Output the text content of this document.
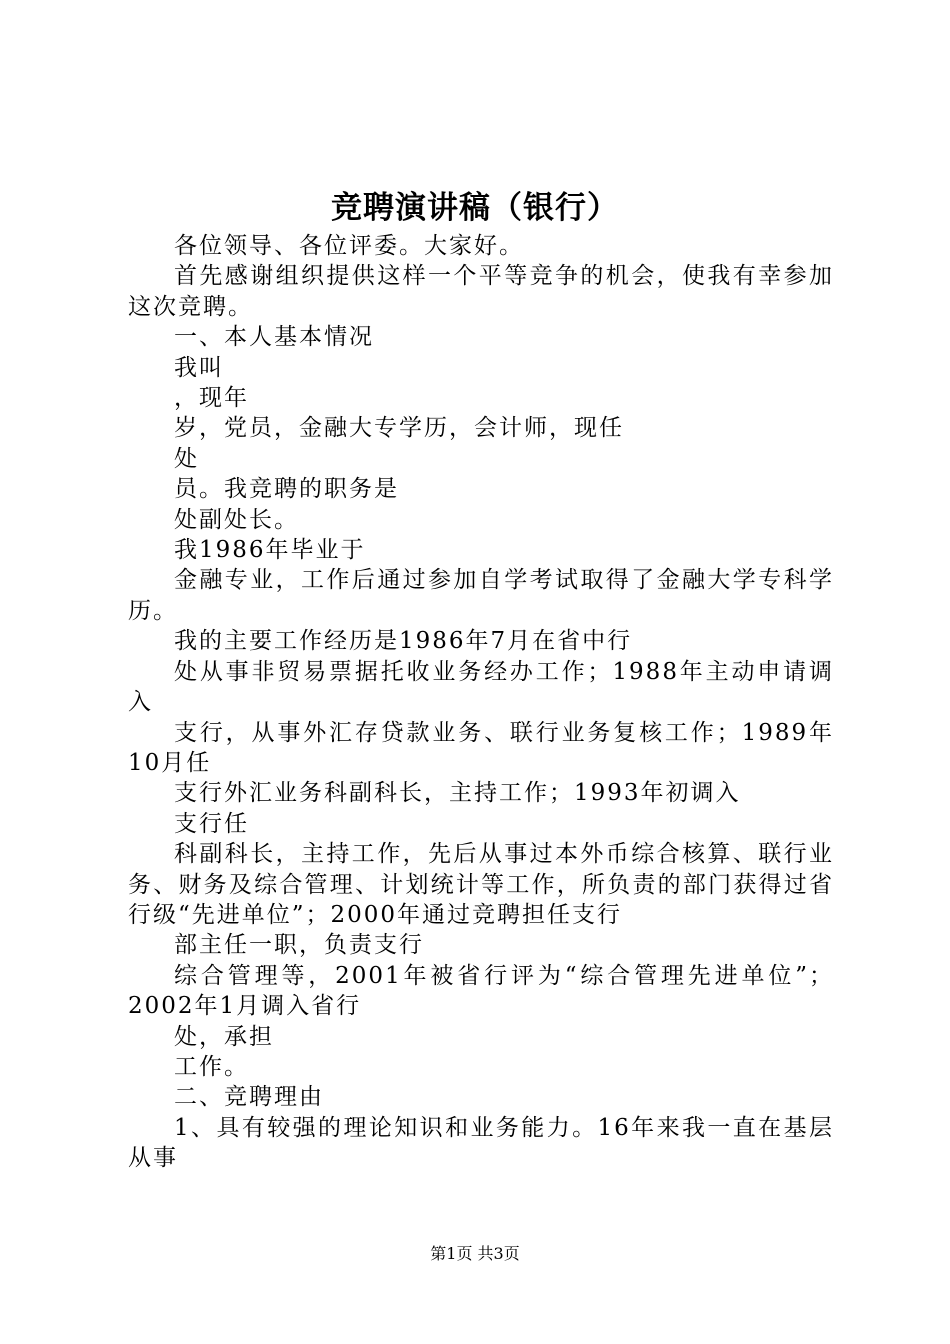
竞聘演讲稿（银行）

各位领导、各位评委。大家好。

首先感谢组织提供这样一个平等竞争的机会，使我有幸参加这次竞聘。

一、本人基本情况

我叫

，现年

岁，党员，金融大专学历，会计师，现任

处

员。我竞聘的职务是

处副处长。

我1986年毕业于

金融专业，工作后通过参加自学考试取得了金融大学专科学历。

我的主要工作经历是1986年7月在省中行

处从事非贸易票据托收业务经办工作；1988年主动申请调入

支行，从事外汇存贷款业务、联行业务复核工作；1989年10月任

支行外汇业务科副科长，主持工作；1993年初调入

支行任

科副科长，主持工作，先后从事过本外币综合核算、联行业务、财务及综合管理、计划统计等工作，所负责的部门获得过省行级“先进单位”；2000年通过竞聘担任支行

部主任一职，负责支行

综合管理等，2001年被省行评为“综合管理先进单位”；2002年1月调入省行

处，承担

工作。

二、竞聘理由

1、具有较强的理论知识和业务能力。16年来我一直在基层从事

第1页 共3页
